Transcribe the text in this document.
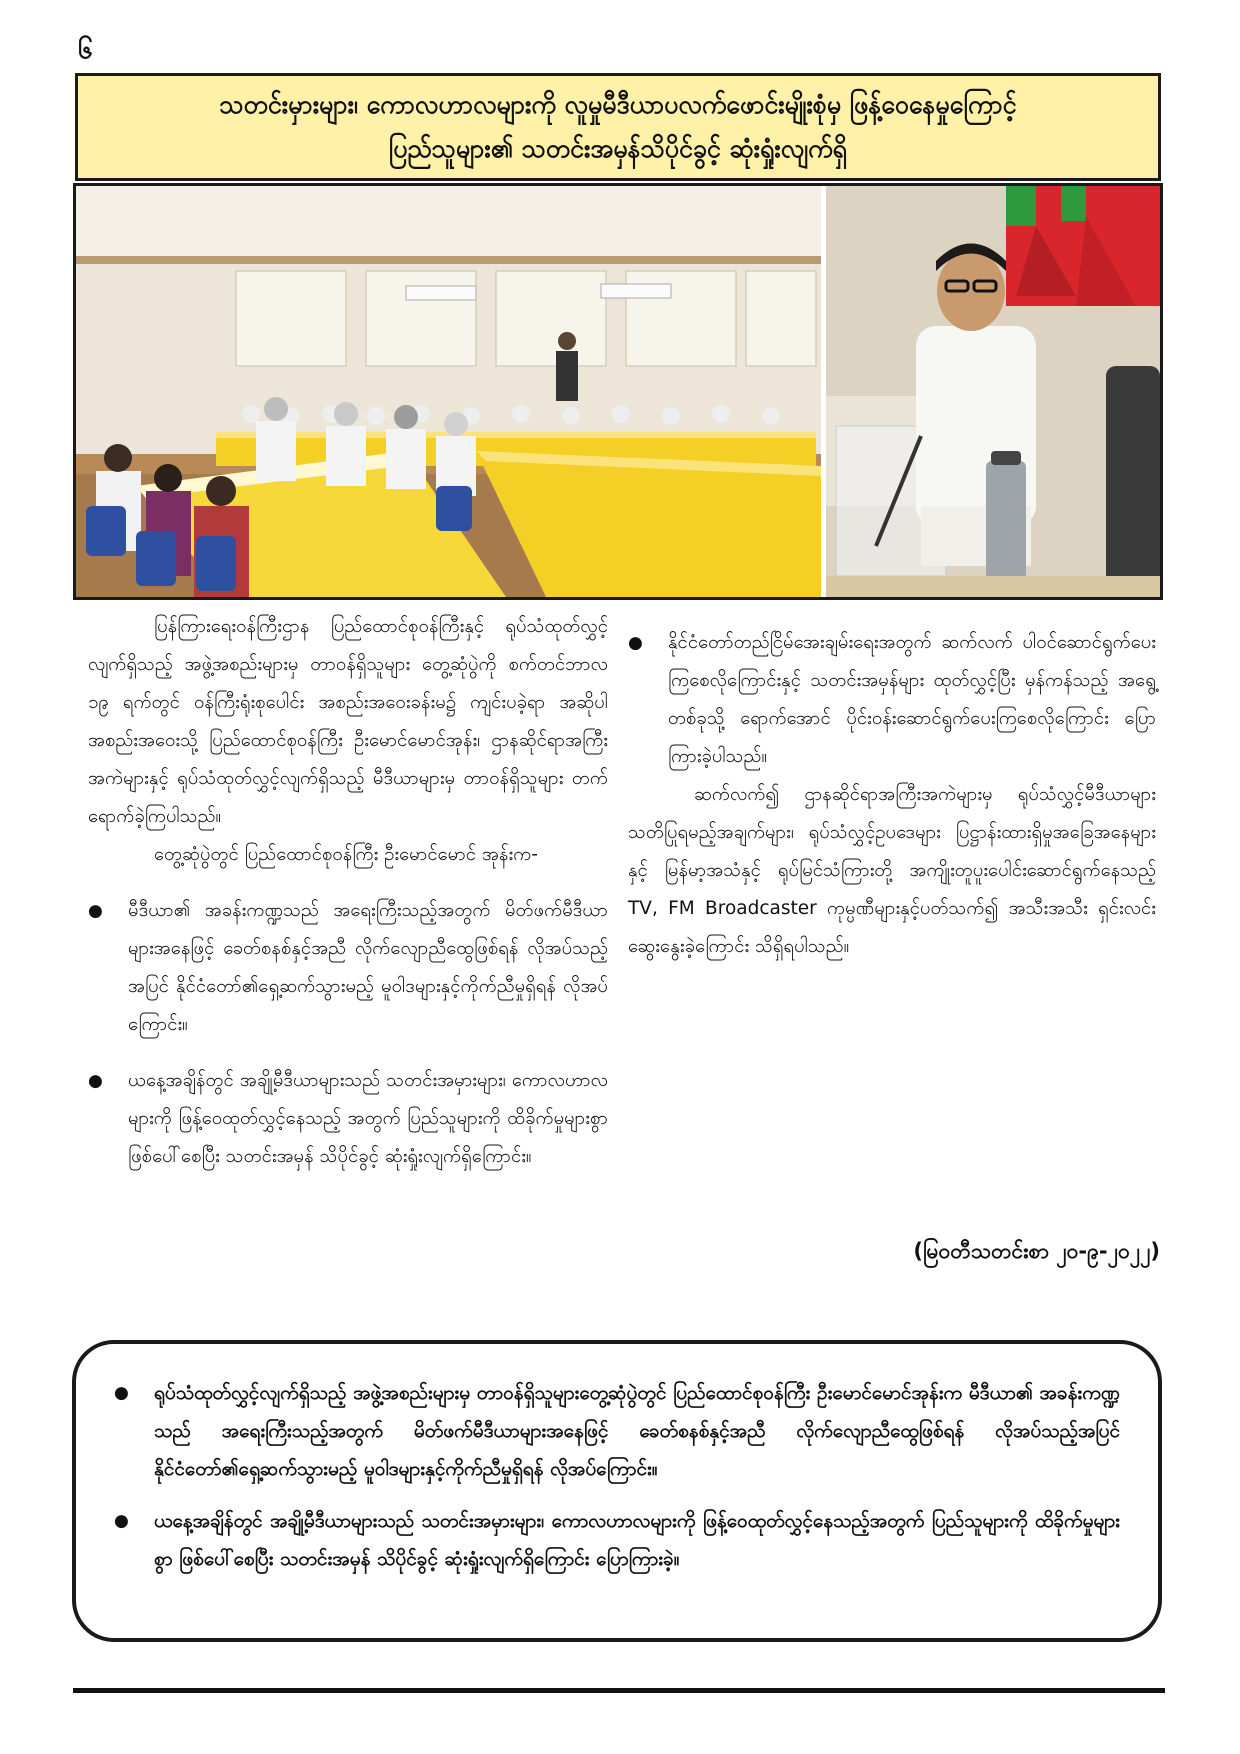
၆
သတင်းမှားများ၊ ကောလဟာလများကို လူမှုမီဒီယာပလက်ဖောင်းမျိုးစုံမှ ဖြန့်ဝေနေမှုကြောင့်
ပြည်သူများ၏ သတင်းအမှန်သိပိုင်ခွင့် ဆုံးရှုံးလျက်ရှိ

ပြန်ကြားရေးဝန်ကြီးဌာန ပြည်ထောင်စုဝန်ကြီးနှင့် ရုပ်သံထုတ်လွှင့်လျက်ရှိသည့် အဖွဲ့အစည်းများမှ တာဝန်ရှိသူများ တွေ့ဆုံပွဲကို စက်တင်ဘာလ ၁၉ ရက်တွင် ဝန်ကြီးရုံးစုပေါင်း အစည်းအဝေးခန်းမ၌ ကျင်းပခဲ့ရာ အဆိုပါအစည်းအဝေးသို့ ပြည်ထောင်စုဝန်ကြီး ဦးမောင်မောင်အုန်း၊ ဌာနဆိုင်ရာအကြီး အကဲများနှင့် ရုပ်သံထုတ်လွှင့်လျက်ရှိသည့် မီဒီယာများမှ တာဝန်ရှိသူများ တက်ရောက်ခဲ့ကြပါသည်။

တွေ့ဆုံပွဲတွင် ပြည်ထောင်စုဝန်ကြီး ဦးမောင်မောင် အုန်းက-

● မီဒီယာ၏ အခန်းကဏ္ဍသည် အရေးကြီးသည့်အတွက် မိတ်ဖက်မီဒီယာများအနေဖြင့် ခေတ်စနစ်နှင့်အညီ လိုက်လျောညီထွေဖြစ်ရန် လိုအပ်သည့်အပြင် နိုင်ငံတော်၏ရှေ့ဆက်သွားမည့် မူဝါဒများနှင့်ကိုက်ညီမှုရှိရန် လိုအပ်ကြောင်း။

● ယနေ့အချိန်တွင် အချို့မီဒီယာများသည် သတင်းအမှားများ၊ ကောလဟာလများကို ဖြန့်ဝေထုတ်လွှင့်နေသည့် အတွက် ပြည်သူများကို ထိခိုက်မှုများစွာ ဖြစ်ပေါ်စေပြီး သတင်းအမှန် သိပိုင်ခွင့် ဆုံးရှုံးလျက်ရှိကြောင်း။

● နိုင်ငံတော်တည်ငြိမ်အေးချမ်းရေးအတွက် ဆက်လက် ပါဝင်ဆောင်ရွက်ပေးကြစေလိုကြောင်းနှင့် သတင်းအမှန်များ ထုတ်လွှင့်ပြီး မှန်ကန်သည့် အရွေ့တစ်ခုသို့ ရောက်အောင် ပိုင်းဝန်းဆောင်ရွက်ပေးကြစေလိုကြောင်း ပြောကြားခဲ့ပါသည်။

ဆက်လက်၍ ဌာနဆိုင်ရာအကြီးအကဲများမှ ရုပ်သံလွှင့်မီဒီယာများ သတိပြုရမည့်အချက်များ၊ ရုပ်သံလွှင့်ဥပဒေများ ပြဋ္ဌာန်းထားရှိမှုအခြေအနေများနှင့် မြန်မာ့အသံနှင့် ရုပ်မြင်သံကြားတို့ အကျိုးတူပူးပေါင်းဆောင်ရွက်နေသည့် TV, FM Broadcaster ကုမ္ပဏီများနှင့်ပတ်သက်၍ အသီးအသီး ရှင်းလင်းဆွေးနွေးခဲ့ကြောင်း သိရှိရပါသည်။

(မြဝတီသတင်းစာ ၂၀-၉-၂၀၂၂)
● ရုပ်သံထုတ်လွှင့်လျက်ရှိသည့် အဖွဲ့အစည်းများမှ တာဝန်ရှိသူများတွေ့ဆုံပွဲတွင် ပြည်ထောင်စုဝန်ကြီး ဦးမောင်မောင်အုန်းက မီဒီယာ၏ အခန်းကဏ္ဍသည် အရေးကြီးသည့်အတွက် မိတ်ဖက်မီဒီယာများအနေဖြင့် ခေတ်စနစ်နှင့်အညီ လိုက်လျောညီထွေဖြစ်ရန် လိုအပ်သည့်အပြင် နိုင်ငံတော်၏ရှေ့ဆက်သွားမည့် မူဝါဒများနှင့်ကိုက်ညီမှုရှိရန် လိုအပ်ကြောင်း။
● ယနေ့အချိန်တွင် အချို့မီဒီယာများသည် သတင်းအမှားများ၊ ကောလဟာလများကို ဖြန့်ဝေထုတ်လွှင့်နေသည့်အတွက် ပြည်သူများကို ထိခိုက်မှုများစွာ ဖြစ်ပေါ်စေပြီး သတင်းအမှန် သိပိုင်ခွင့် ဆုံးရှုံးလျက်ရှိကြောင်း ပြောကြားခဲ့။
